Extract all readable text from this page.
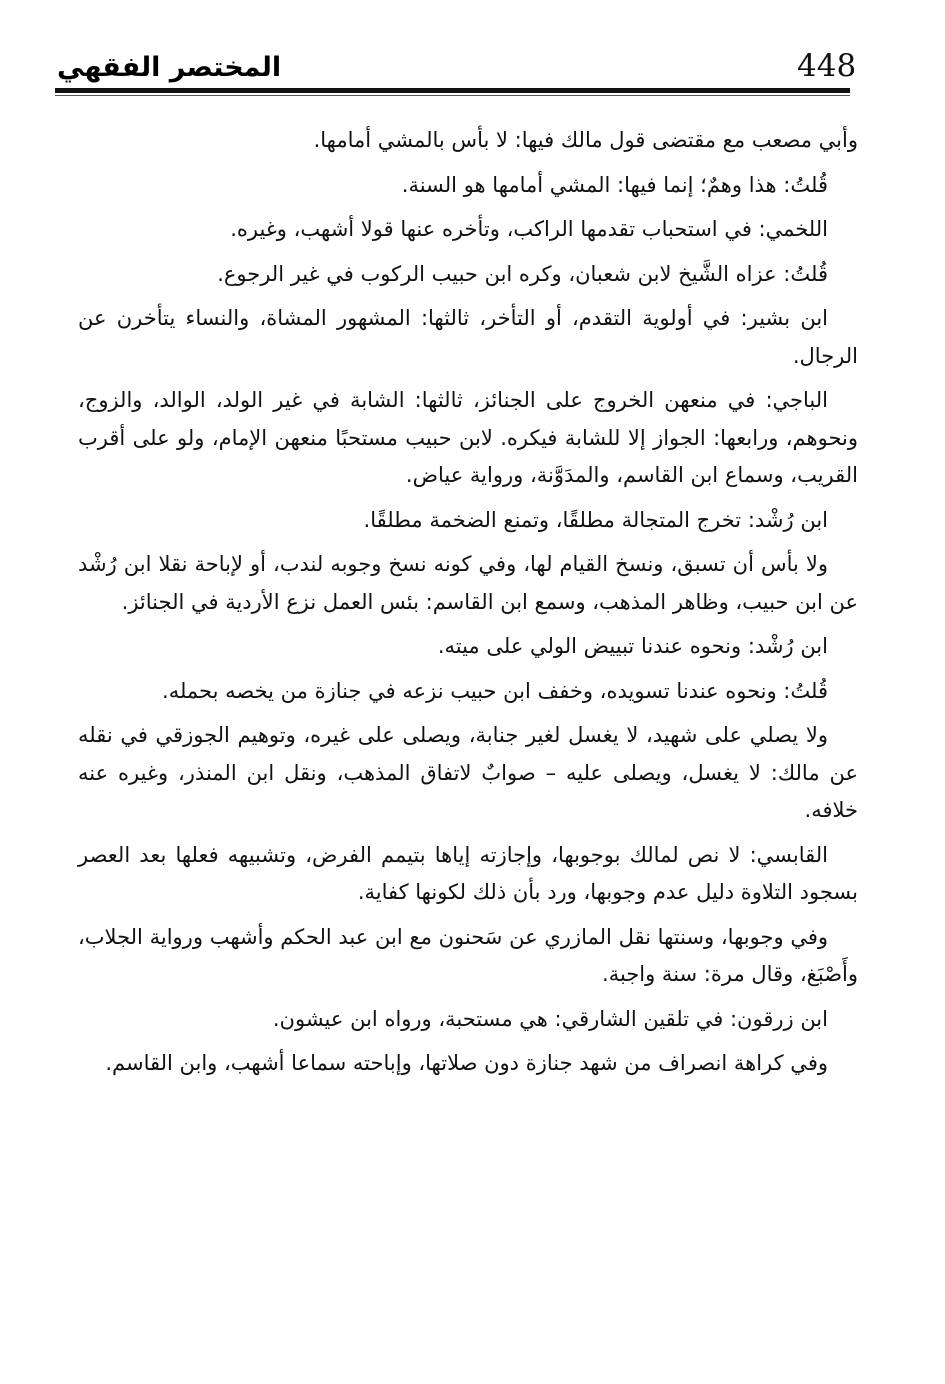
448
المختصر الفقهي

وأبي مصعب مع مقتضى قول مالك فيها: لا بأس بالمشي أمامها.

قُلتُ: هذا وهمٌ؛ إنما فيها: المشي أمامها هو السنة.

اللخمي: في استحباب تقدمها الراكب، وتأخره عنها قولا أشهب، وغيره.

قُلتُ: عزاه الشَّيخ لابن شعبان، وكره ابن حبيب الركوب في غير الرجوع.

ابن بشير: في أولوية التقدم، أو التأخر، ثالثها: المشهور المشاة، والنساء يتأخرن عن الرجال.

الباجي: في منعهن الخروج على الجنائز، ثالثها: الشابة في غير الولد، الوالد، والزوج، ونحوهم، ورابعها: الجواز إلا للشابة فيكره. لابن حبيب مستحبًا منعهن الإمام، ولو على أقرب القريب، وسماع ابن القاسم، والمدَوَّنة، ورواية عياض.

ابن رُشْد: تخرج المتجالة مطلقًا، وتمنع الضخمة مطلقًا.

ولا بأس أن تسبق، ونسخ القيام لها، وفي كونه نسخ وجوبه لندب، أو لإباحة نقلا ابن رُشْد عن ابن حبيب، وظاهر المذهب، وسمع ابن القاسم: بئس العمل نزع الأردية في الجنائز.

ابن رُشْد: ونحوه عندنا تبييض الولي على ميته.

قُلتُ: ونحوه عندنا تسويده، وخفف ابن حبيب نزعه في جنازة من يخصه بحمله.

ولا يصلي على شهيد، لا يغسل لغير جنابة، ويصلى على غيره، وتوهيم الجوزقي في نقله عن مالك: لا يغسل، ويصلى عليه – صوابٌ لاتفاق المذهب، ونقل ابن المنذر، وغيره عنه خلافه.

القابسي: لا نص لمالك بوجوبها، وإجازته إياها بتيمم الفرض، وتشبيهه فعلها بعد العصر بسجود التلاوة دليل عدم وجوبها، ورد بأن ذلك لكونها كفاية.

وفي وجوبها، وسنتها نقل المازري عن سَحنون مع ابن عبد الحكم وأشهب ورواية الجلاب، وأَصْبَغ، وقال مرة: سنة واجبة.

ابن زرقون: في تلقين الشارقي: هي مستحبة، ورواه ابن عيشون.

وفي كراهة انصراف من شهد جنازة دون صلاتها، وإباحته سماعا أشهب، وابن القاسم.
